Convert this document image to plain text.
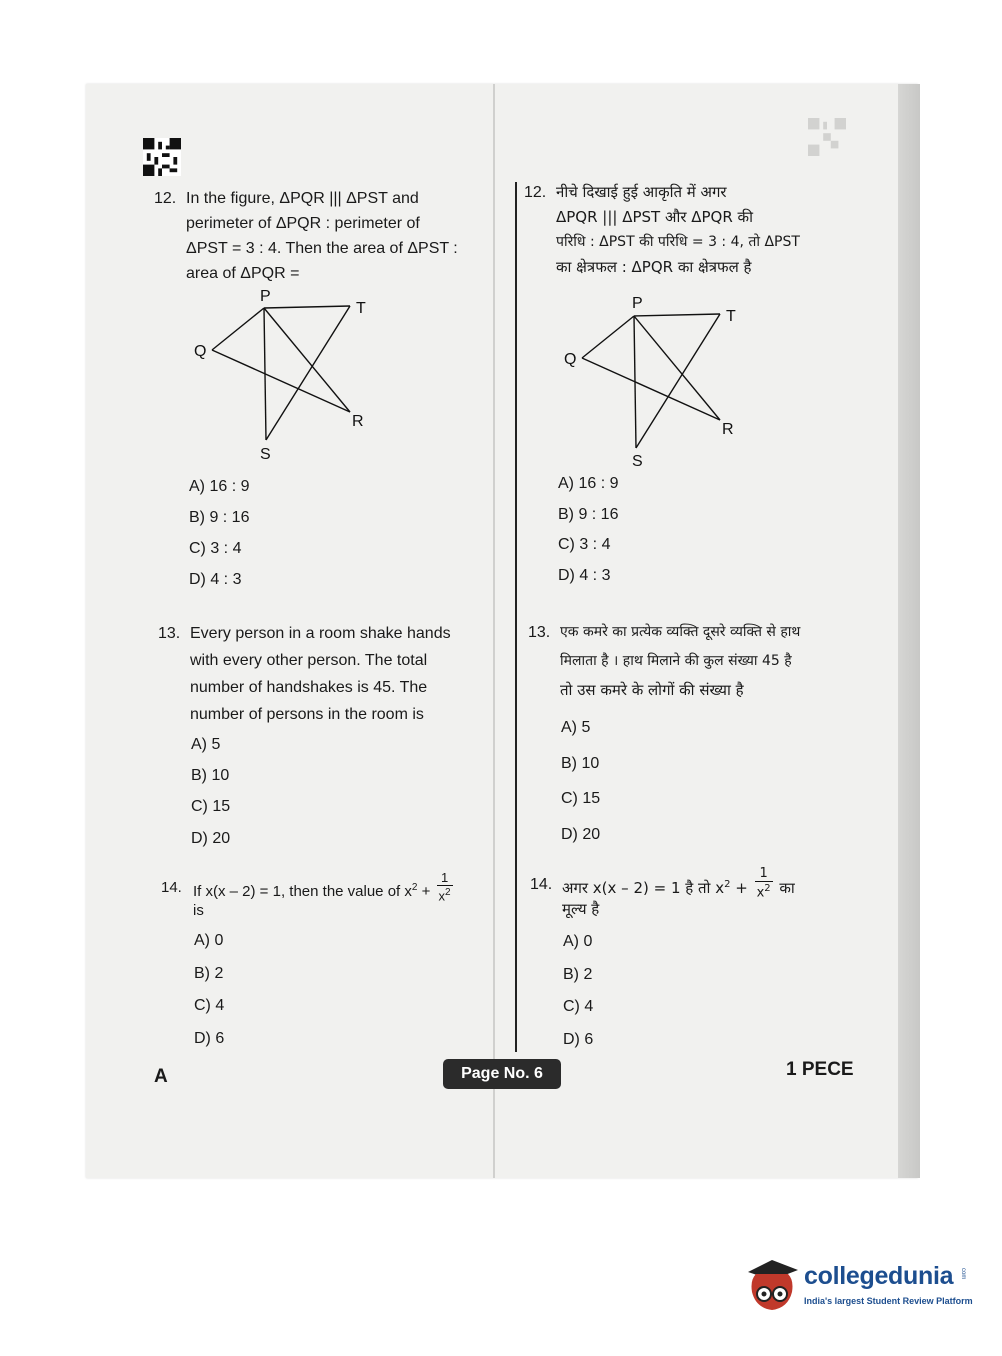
12. In the figure, ΔPQR ||| ΔPST and
perimeter of ΔPQR : perimeter of
ΔPST = 3 : 4. Then the area of ΔPST :
area of ΔPQR =
P
T
Q
R
S
A) 16 : 9
B) 9 : 16
C) 3 : 4
D) 4 : 3
13. Every person in a room shake hands
with every other person. The total
number of handshakes is 45. The
number of persons in the room is
A) 5
B) 10
C) 15
D) 20
14. If x(x – 2) = 1, then the value of $x^2 + \frac{1}{x^2}$
is
A) 0
B) 2
C) 4
D) 6
12. नीचे दिखाई हुई आकृति में अगर
ΔPQR ||| ΔPST और ΔPQR की
परिधि : ΔPST की परिधि = 3 : 4, तो ΔPST
का क्षेत्रफल : ΔPQR का क्षेत्रफल है
P
T
Q
R
S
A) 16 : 9
B) 9 : 16
C) 3 : 4
D) 4 : 3
13. एक कमरे का प्रत्येक व्यक्ति दूसरे व्यक्ति से हाथ
मिलाता है । हाथ मिलाने की कुल संख्या 45 है
तो उस कमरे के लोगों की संख्या है
A) 5
B) 10
C) 15
D) 20
14. अगर x(x – 2) = 1 है तो $x^2 + \frac{1}{x^2}$ का
मूल्य है
A) 0
B) 2
C) 4
D) 6
A	Page No. 6	1 PECE
collegedunia com
India's largest Student Review Platform
